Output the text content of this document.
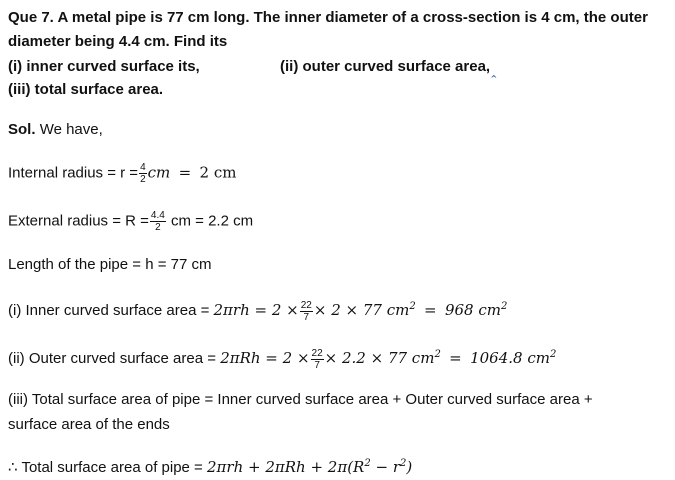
Que 7. A metal pipe is 77 cm long. The inner diameter of a cross-section is 4 cm, the outer
diameter being 4.4 cm. Find its
(i) inner curved surface its,	(ii) outer curved surface $area,_‸$
(iii) total surface area.
Sol. We have,
Internal radius = $r = \frac{4}{2}$ cm = 2 cm
External radius = $R = \frac{4.4}{2}$ cm = 2.2 cm
Length of the pipe = h = 77 cm
(i) Inner curved surface area = $2\pi rh = 2 \times \frac{22}{7} \times 2 \times 77$ $cm^2 = 968$ $cm^2$
(ii) Outer curved surface area = $2\pi Rh = 2 \times \frac{22}{7} \times 2.2 \times 77$ $cm^2 = 1064.8$ $cm^2$
(iii) Total surface area of pipe = Inner curved surface area + Outer curved surface area +
surface area of the ends
∴ Total surface area of pipe = $2\pi rh + 2\pi Rh + 2\pi(R^2 - r^2)$
